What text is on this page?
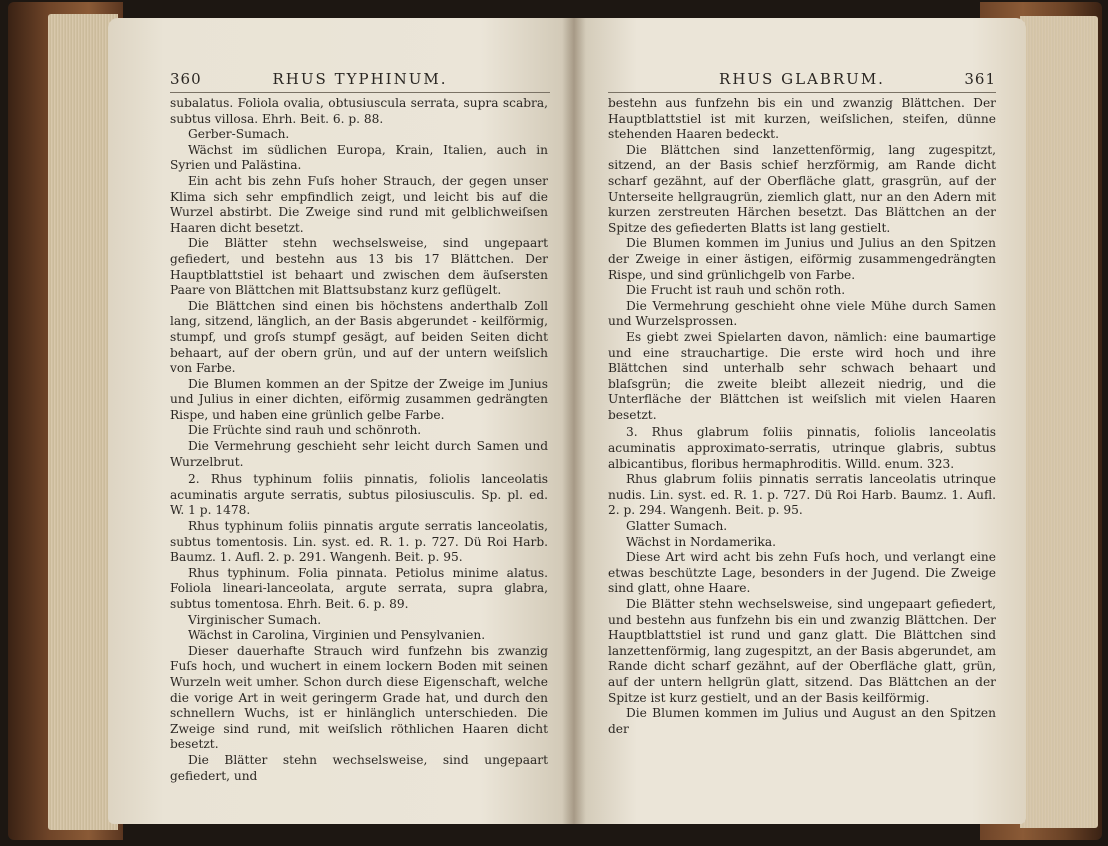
360	RHUS TYPHINUM.

subalatus. Foliola ovalia, obtusiuscula serrata, supra scabra, subtus villosa. Ehrh. Beit. 6. p. 88.

Gerber-Sumach.

Wächst im südlichen Europa, Krain, Italien, auch in Syrien und Palästina.

Ein acht bis zehn Fuſs hoher Strauch, der gegen unser Klima sich sehr empfindlich zeigt, und leicht bis auf die Wurzel abstirbt. Die Zweige sind rund mit gelblichweiſsen Haaren dicht besetzt.

Die Blätter stehn wechselsweise, sind ungepaart gefiedert, und bestehn aus 13 bis 17 Blättchen. Der Hauptblattstiel ist behaart und zwischen dem äuſsersten Paare von Blättchen mit Blattsubstanz kurz geflügelt.

Die Blättchen sind einen bis höchstens anderthalb Zoll lang, sitzend, länglich, an der Basis abgerundet - keilförmig, stumpf, und groſs stumpf gesägt, auf beiden Seiten dicht behaart, auf der obern grün, und auf der untern weiſslich von Farbe.

Die Blumen kommen an der Spitze der Zweige im Junius und Julius in einer dichten, eiförmig zusammen gedrängten Rispe, und haben eine grünlich gelbe Farbe.

Die Früchte sind rauh und schönroth.

Die Vermehrung geschieht sehr leicht durch Samen und Wurzelbrut.

2. Rhus typhinum foliis pinnatis, foliolis lanceolatis acuminatis argute serratis, subtus pilosiusculis. Sp. pl. ed. W. 1 p. 1478.

Rhus typhinum foliis pinnatis argute serratis lanceolatis, subtus tomentosis. Lin. syst. ed. R. 1. p. 727. Dü Roi Harb. Baumz. 1. Aufl. 2. p. 291. Wangenh. Beit. p. 95.

Rhus typhinum. Folia pinnata. Petiolus minime alatus. Foliola lineari-lanceolata, argute serrata, supra glabra, subtus tomentosa. Ehrh. Beit. 6. p. 89.

Virginischer Sumach.

Wächst in Carolina, Virginien und Pensylvanien.

Dieser dauerhafte Strauch wird funfzehn bis zwanzig Fuſs hoch, und wuchert in einem lockern Boden mit seinen Wurzeln weit umher. Schon durch diese Eigenschaft, welche die vorige Art in weit geringerm Grade hat, und durch den schnellern Wuchs, ist er hinlänglich unterschieden. Die Zweige sind rund, mit weiſslich röthlichen Haaren dicht besetzt.

Die Blätter stehn wechselsweise, sind ungepaart gefiedert, und

RHUS GLABRUM.	361

bestehn aus funfzehn bis ein und zwanzig Blättchen. Der Hauptblattstiel ist mit kurzen, weiſslichen, steifen, dünne stehenden Haaren bedeckt.

Die Blättchen sind lanzettenförmig, lang zugespitzt, sitzend, an der Basis schief herzförmig, am Rande dicht scharf gezähnt, auf der Oberfläche glatt, grasgrün, auf der Unterseite hellgraugrün, ziemlich glatt, nur an den Adern mit kurzen zerstreuten Härchen besetzt. Das Blättchen an der Spitze des gefiederten Blatts ist lang gestielt.

Die Blumen kommen im Junius und Julius an den Spitzen der Zweige in einer ästigen, eiförmig zusammengedrängten Rispe, und sind grünlichgelb von Farbe.

Die Frucht ist rauh und schön roth.

Die Vermehrung geschieht ohne viele Mühe durch Samen und Wurzelsprossen.

Es giebt zwei Spielarten davon, nämlich: eine baumartige und eine strauchartige. Die erste wird hoch und ihre Blättchen sind unterhalb sehr schwach behaart und blaſsgrün; die zweite bleibt allezeit niedrig, und die Unterfläche der Blättchen ist weiſslich mit vielen Haaren besetzt.

3. Rhus glabrum foliis pinnatis, foliolis lanceolatis acuminatis approximato-serratis, utrinque glabris, subtus albicantibus, floribus hermaphroditis. Willd. enum. 323.

Rhus glabrum foliis pinnatis serratis lanceolatis utrinque nudis. Lin. syst. ed. R. 1. p. 727. Dü Roi Harb. Baumz. 1. Aufl. 2. p. 294. Wangenh. Beit. p. 95.

Glatter Sumach.

Wächst in Nordamerika.

Diese Art wird acht bis zehn Fuſs hoch, und verlangt eine etwas beschützte Lage, besonders in der Jugend. Die Zweige sind glatt, ohne Haare.

Die Blätter stehn wechselsweise, sind ungepaart gefiedert, und bestehn aus funfzehn bis ein und zwanzig Blättchen. Der Hauptblattstiel ist rund und ganz glatt. Die Blättchen sind lanzettenförmig, lang zugespitzt, an der Basis abgerundet, am Rande dicht scharf gezähnt, auf der Oberfläche glatt, grün, auf der untern hellgrün glatt, sitzend. Das Blättchen an der Spitze ist kurz gestielt, und an der Basis keilförmig.

Die Blumen kommen im Julius und August an den Spitzen der
